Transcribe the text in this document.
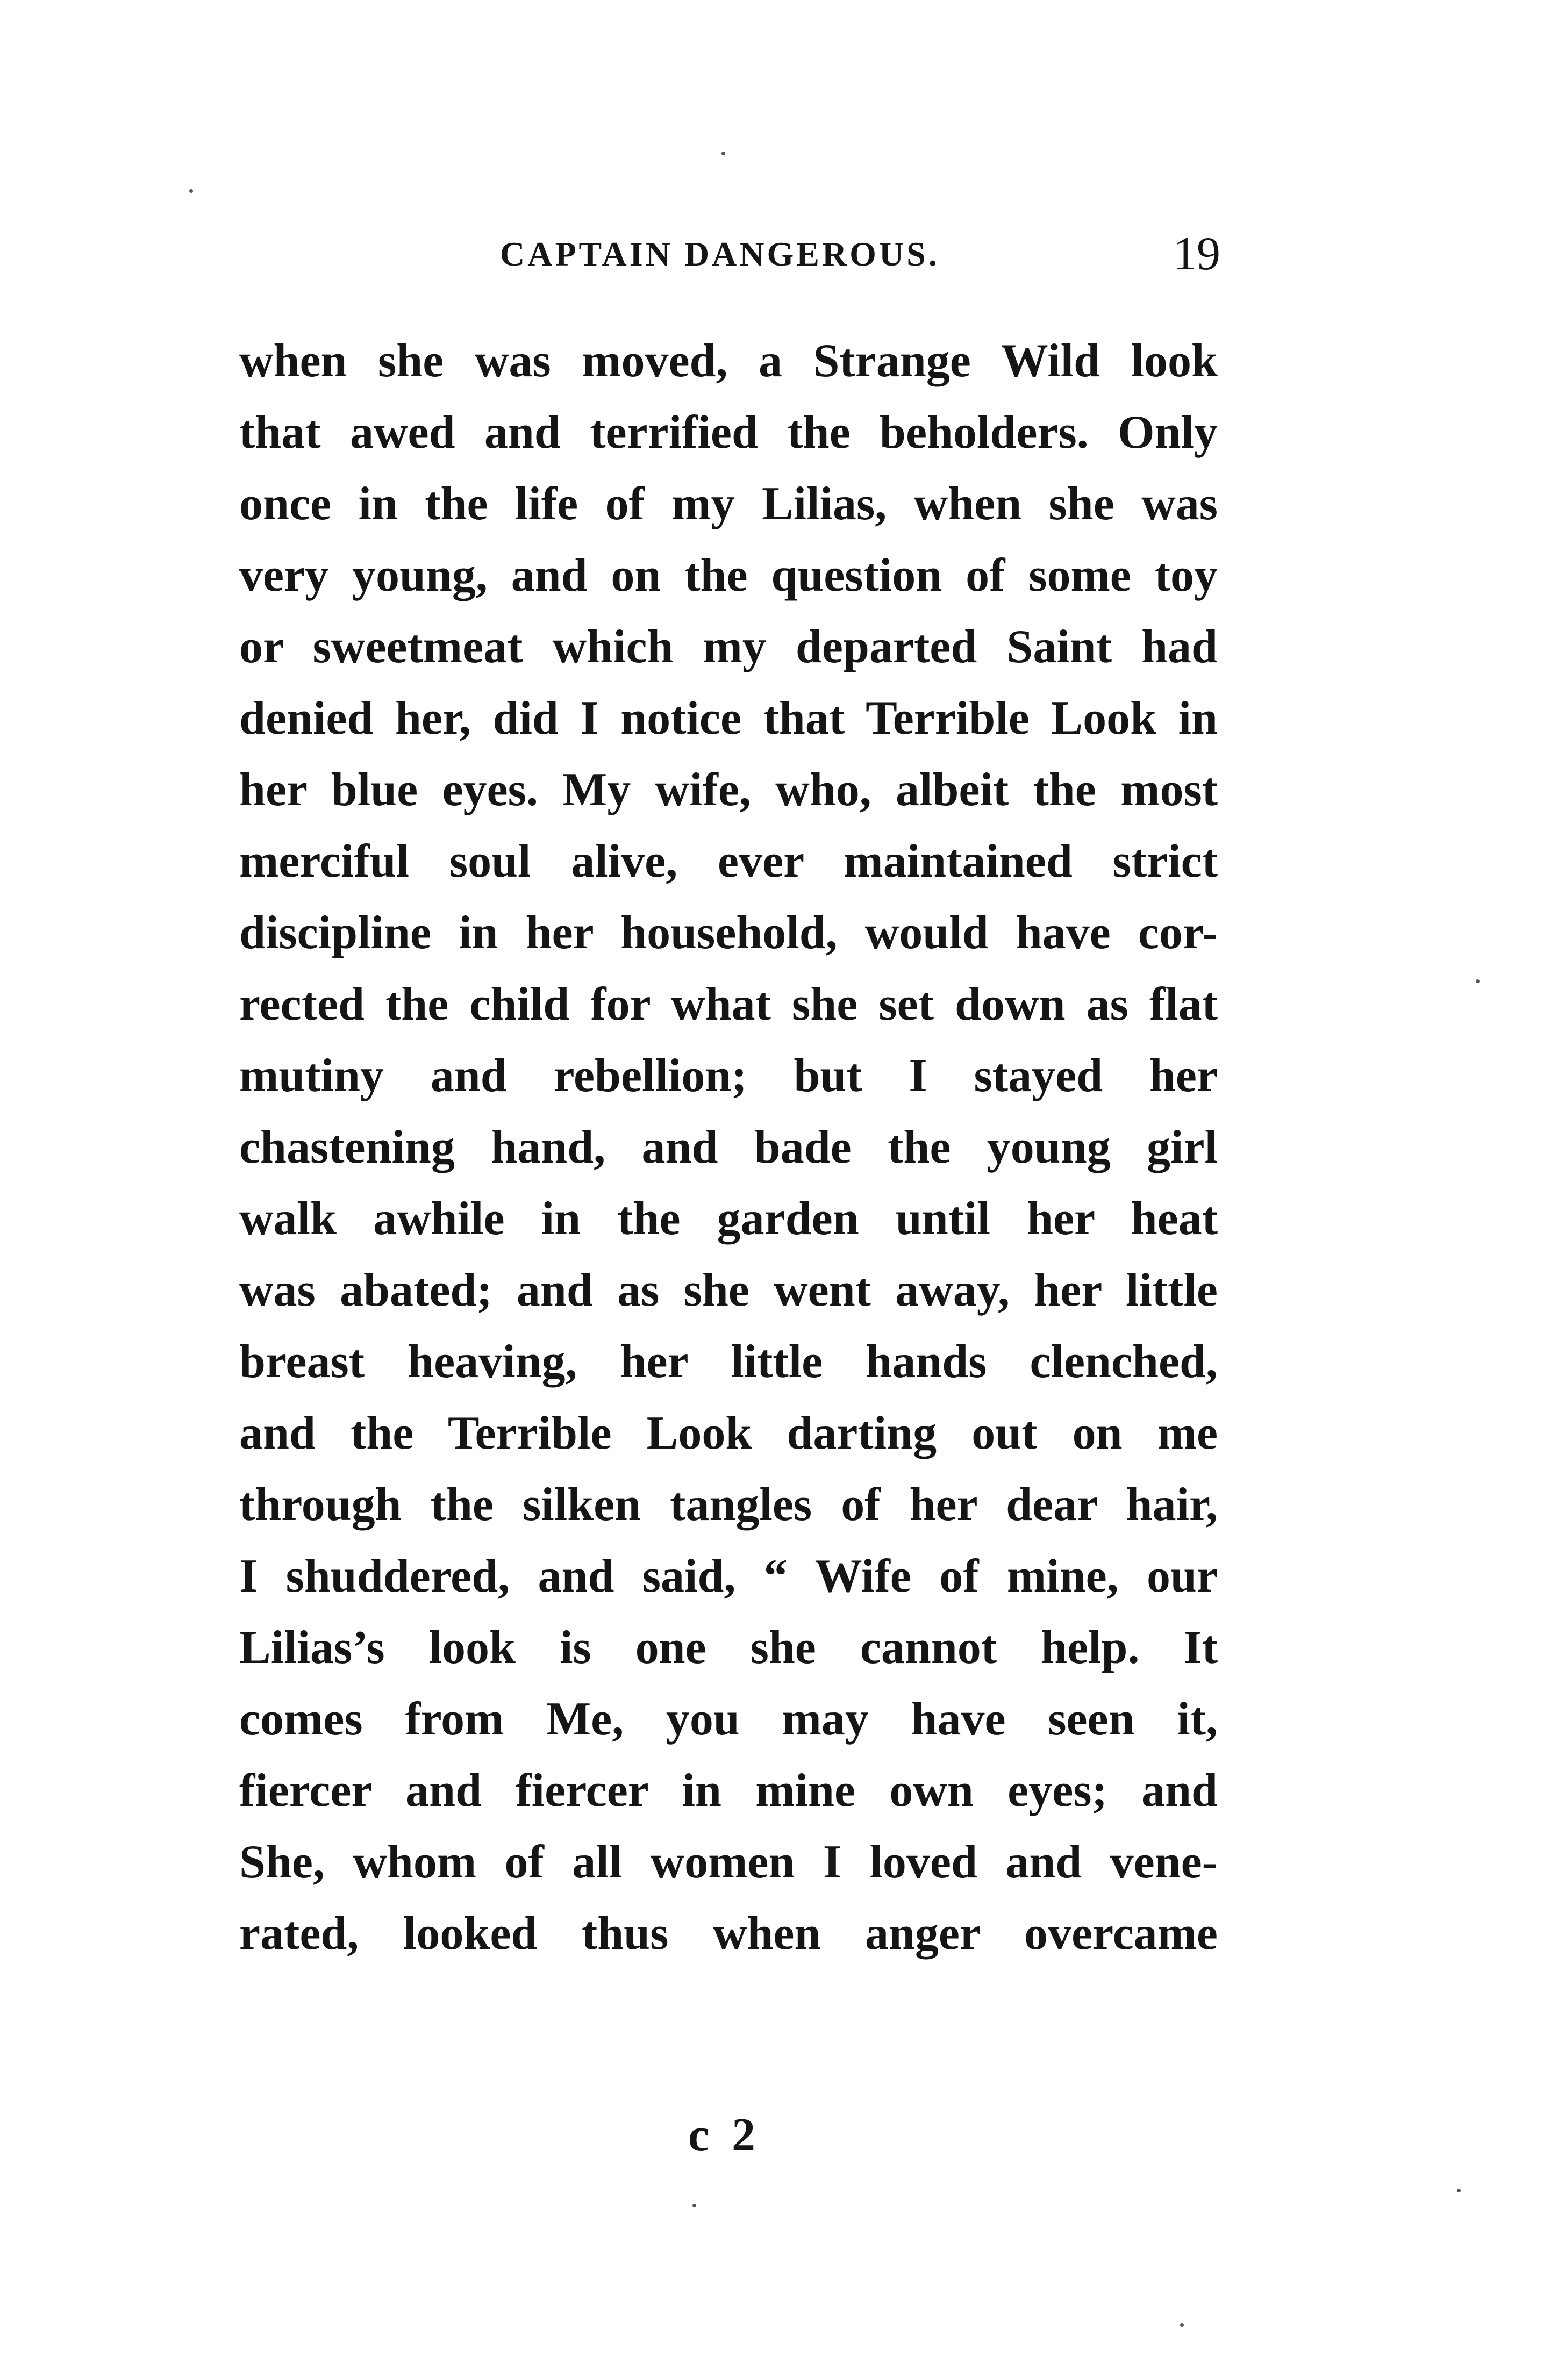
CAPTAIN DANGEROUS.	19
when she was moved, a Strange Wild look
that awed and terrified the beholders. Only
once in the life of my Lilias, when she was
very young, and on the question of some toy
or sweetmeat which my departed Saint had
denied her, did I notice that Terrible Look in
her blue eyes. My wife, who, albeit the most
merciful soul alive, ever maintained strict
discipline in her household, would have cor-
rected the child for what she set down as flat
mutiny and rebellion; but I stayed her
chastening hand, and bade the young girl
walk awhile in the garden until her heat
was abated; and as she went away, her little
breast heaving, her little hands clenched,
and the Terrible Look darting out on me
through the silken tangles of her dear hair,
I shuddered, and said, “ Wife of mine, our
Lilias’s look is one she cannot help. It
comes from Me, you may have seen it,
fiercer and fiercer in mine own eyes; and
She, whom of all women I loved and vene-
rated, looked thus when anger overcame
c 2
